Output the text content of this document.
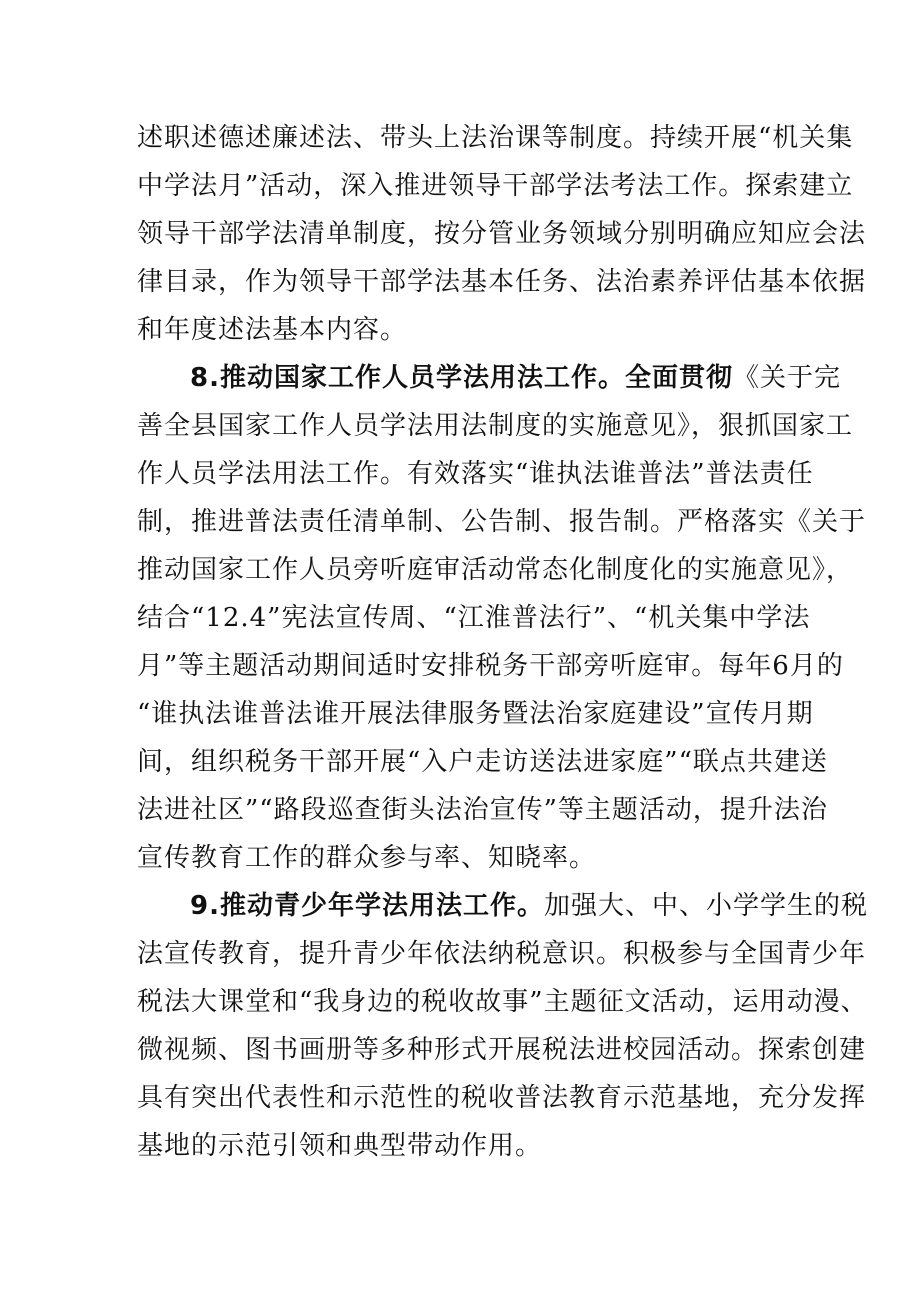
述职述德述廉述法、带头上法治课等制度。持续开展“机关集
中学法月”活动，深入推进领导干部学法考法工作。探索建立
领导干部学法清单制度，按分管业务领域分别明确应知应会法
律目录，作为领导干部学法基本任务、法治素养评估基本依据
和年度述法基本内容。
8.推动国家工作人员学法用法工作。全面贯彻《关于完
善全县国家工作人员学法用法制度的实施意见》，狠抓国家工
作人员学法用法工作。有效落实“谁执法谁普法”普法责任
制，推进普法责任清单制、公告制、报告制。严格落实《关于
推动国家工作人员旁听庭审活动常态化制度化的实施意见》，
结合“12.4”宪法宣传周、“江淮普法行”、“机关集中学法
月”等主题活动期间适时安排税务干部旁听庭审。每年6月的
“谁执法谁普法谁开展法律服务暨法治家庭建设”宣传月期
间，组织税务干部开展“入户走访送法进家庭”“联点共建送
法进社区”“路段巡查街头法治宣传”等主题活动，提升法治
宣传教育工作的群众参与率、知晓率。
9.推动青少年学法用法工作。加强大、中、小学学生的税
法宣传教育，提升青少年依法纳税意识。积极参与全国青少年
税法大课堂和“我身边的税收故事”主题征文活动，运用动漫、
微视频、图书画册等多种形式开展税法进校园活动。探索创建
具有突出代表性和示范性的税收普法教育示范基地，充分发挥
基地的示范引领和典型带动作用。
